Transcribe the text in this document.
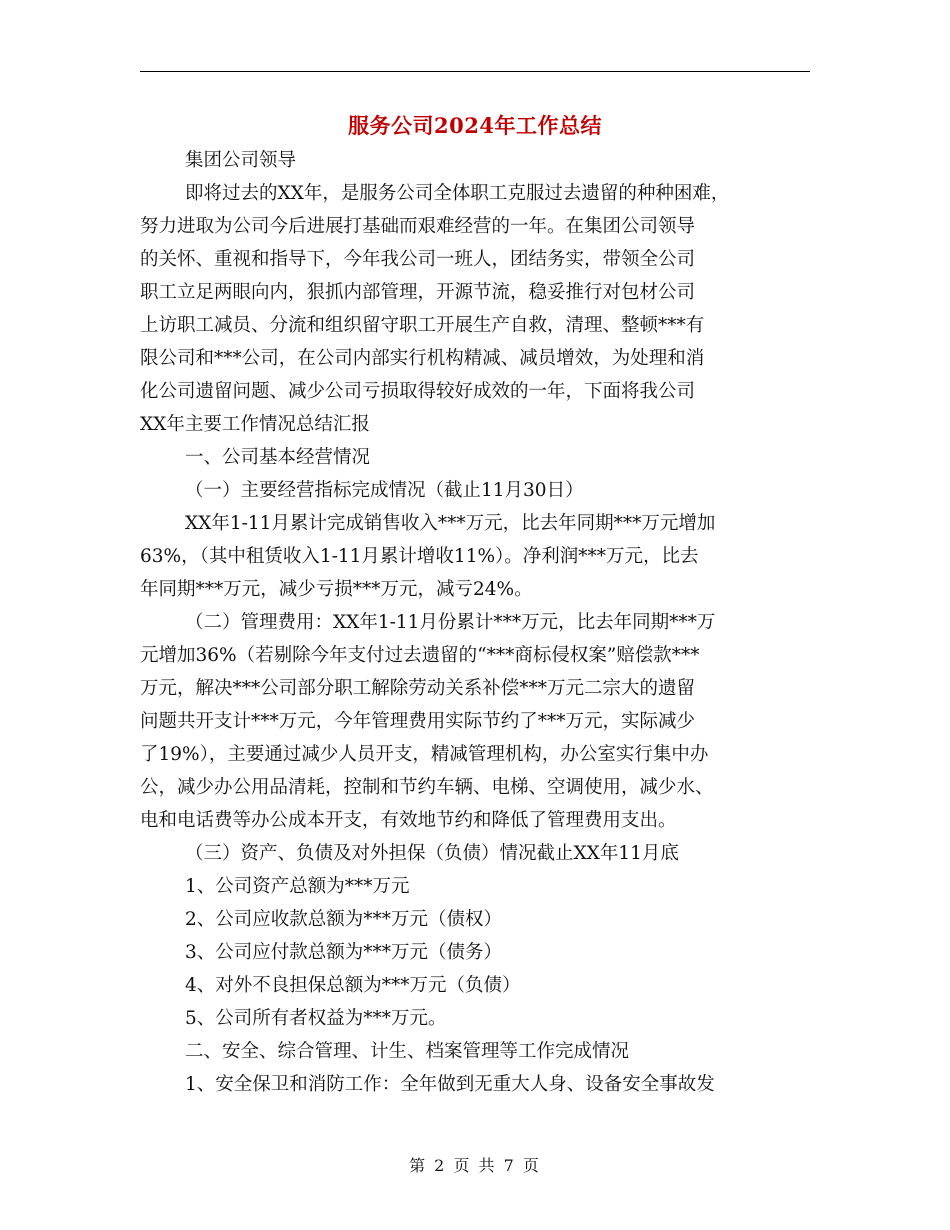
服务公司2024年工作总结
集团公司领导
即将过去的XX年，是服务公司全体职工克服过去遗留的种种困难，
努力进取为公司今后进展打基础而艰难经营的一年。在集团公司领导
的关怀、重视和指导下，今年我公司一班人，团结务实，带领全公司
职工立足两眼向内，狠抓内部管理，开源节流，稳妥推行对包材公司
上访职工减员、分流和组织留守职工开展生产自救，清理、整顿***有
限公司和***公司，在公司内部实行机构精减、减员增效，为处理和消
化公司遗留问题、减少公司亏损取得较好成效的一年，下面将我公司
XX年主要工作情况总结汇报
一、公司基本经营情况
（一）主要经营指标完成情况（截止11月30日）
XX年1-11月累计完成销售收入***万元，比去年同期***万元增加
63%，（其中租赁收入1-11月累计增收11%）。净利润***万元，比去
年同期***万元，减少亏损***万元，减亏24%。
（二）管理费用：XX年1-11月份累计***万元，比去年同期***万
元增加36%（若剔除今年支付过去遗留的“***商标侵权案”赔偿款***
万元，解决***公司部分职工解除劳动关系补偿***万元二宗大的遗留
问题共开支计***万元，今年管理费用实际节约了***万元，实际减少
了19%），主要通过减少人员开支，精减管理机构，办公室实行集中办
公，减少办公用品清耗，控制和节约车辆、电梯、空调使用，减少水、
电和电话费等办公成本开支，有效地节约和降低了管理费用支出。
（三）资产、负债及对外担保（负债）情况截止XX年11月底
1、公司资产总额为***万元
2、公司应收款总额为***万元（债权）
3、公司应付款总额为***万元（债务）
4、对外不良担保总额为***万元（负债）
5、公司所有者权益为***万元。
二、安全、综合管理、计生、档案管理等工作完成情况
1、安全保卫和消防工作：全年做到无重大人身、设备安全事故发
第 2 页 共 7 页
